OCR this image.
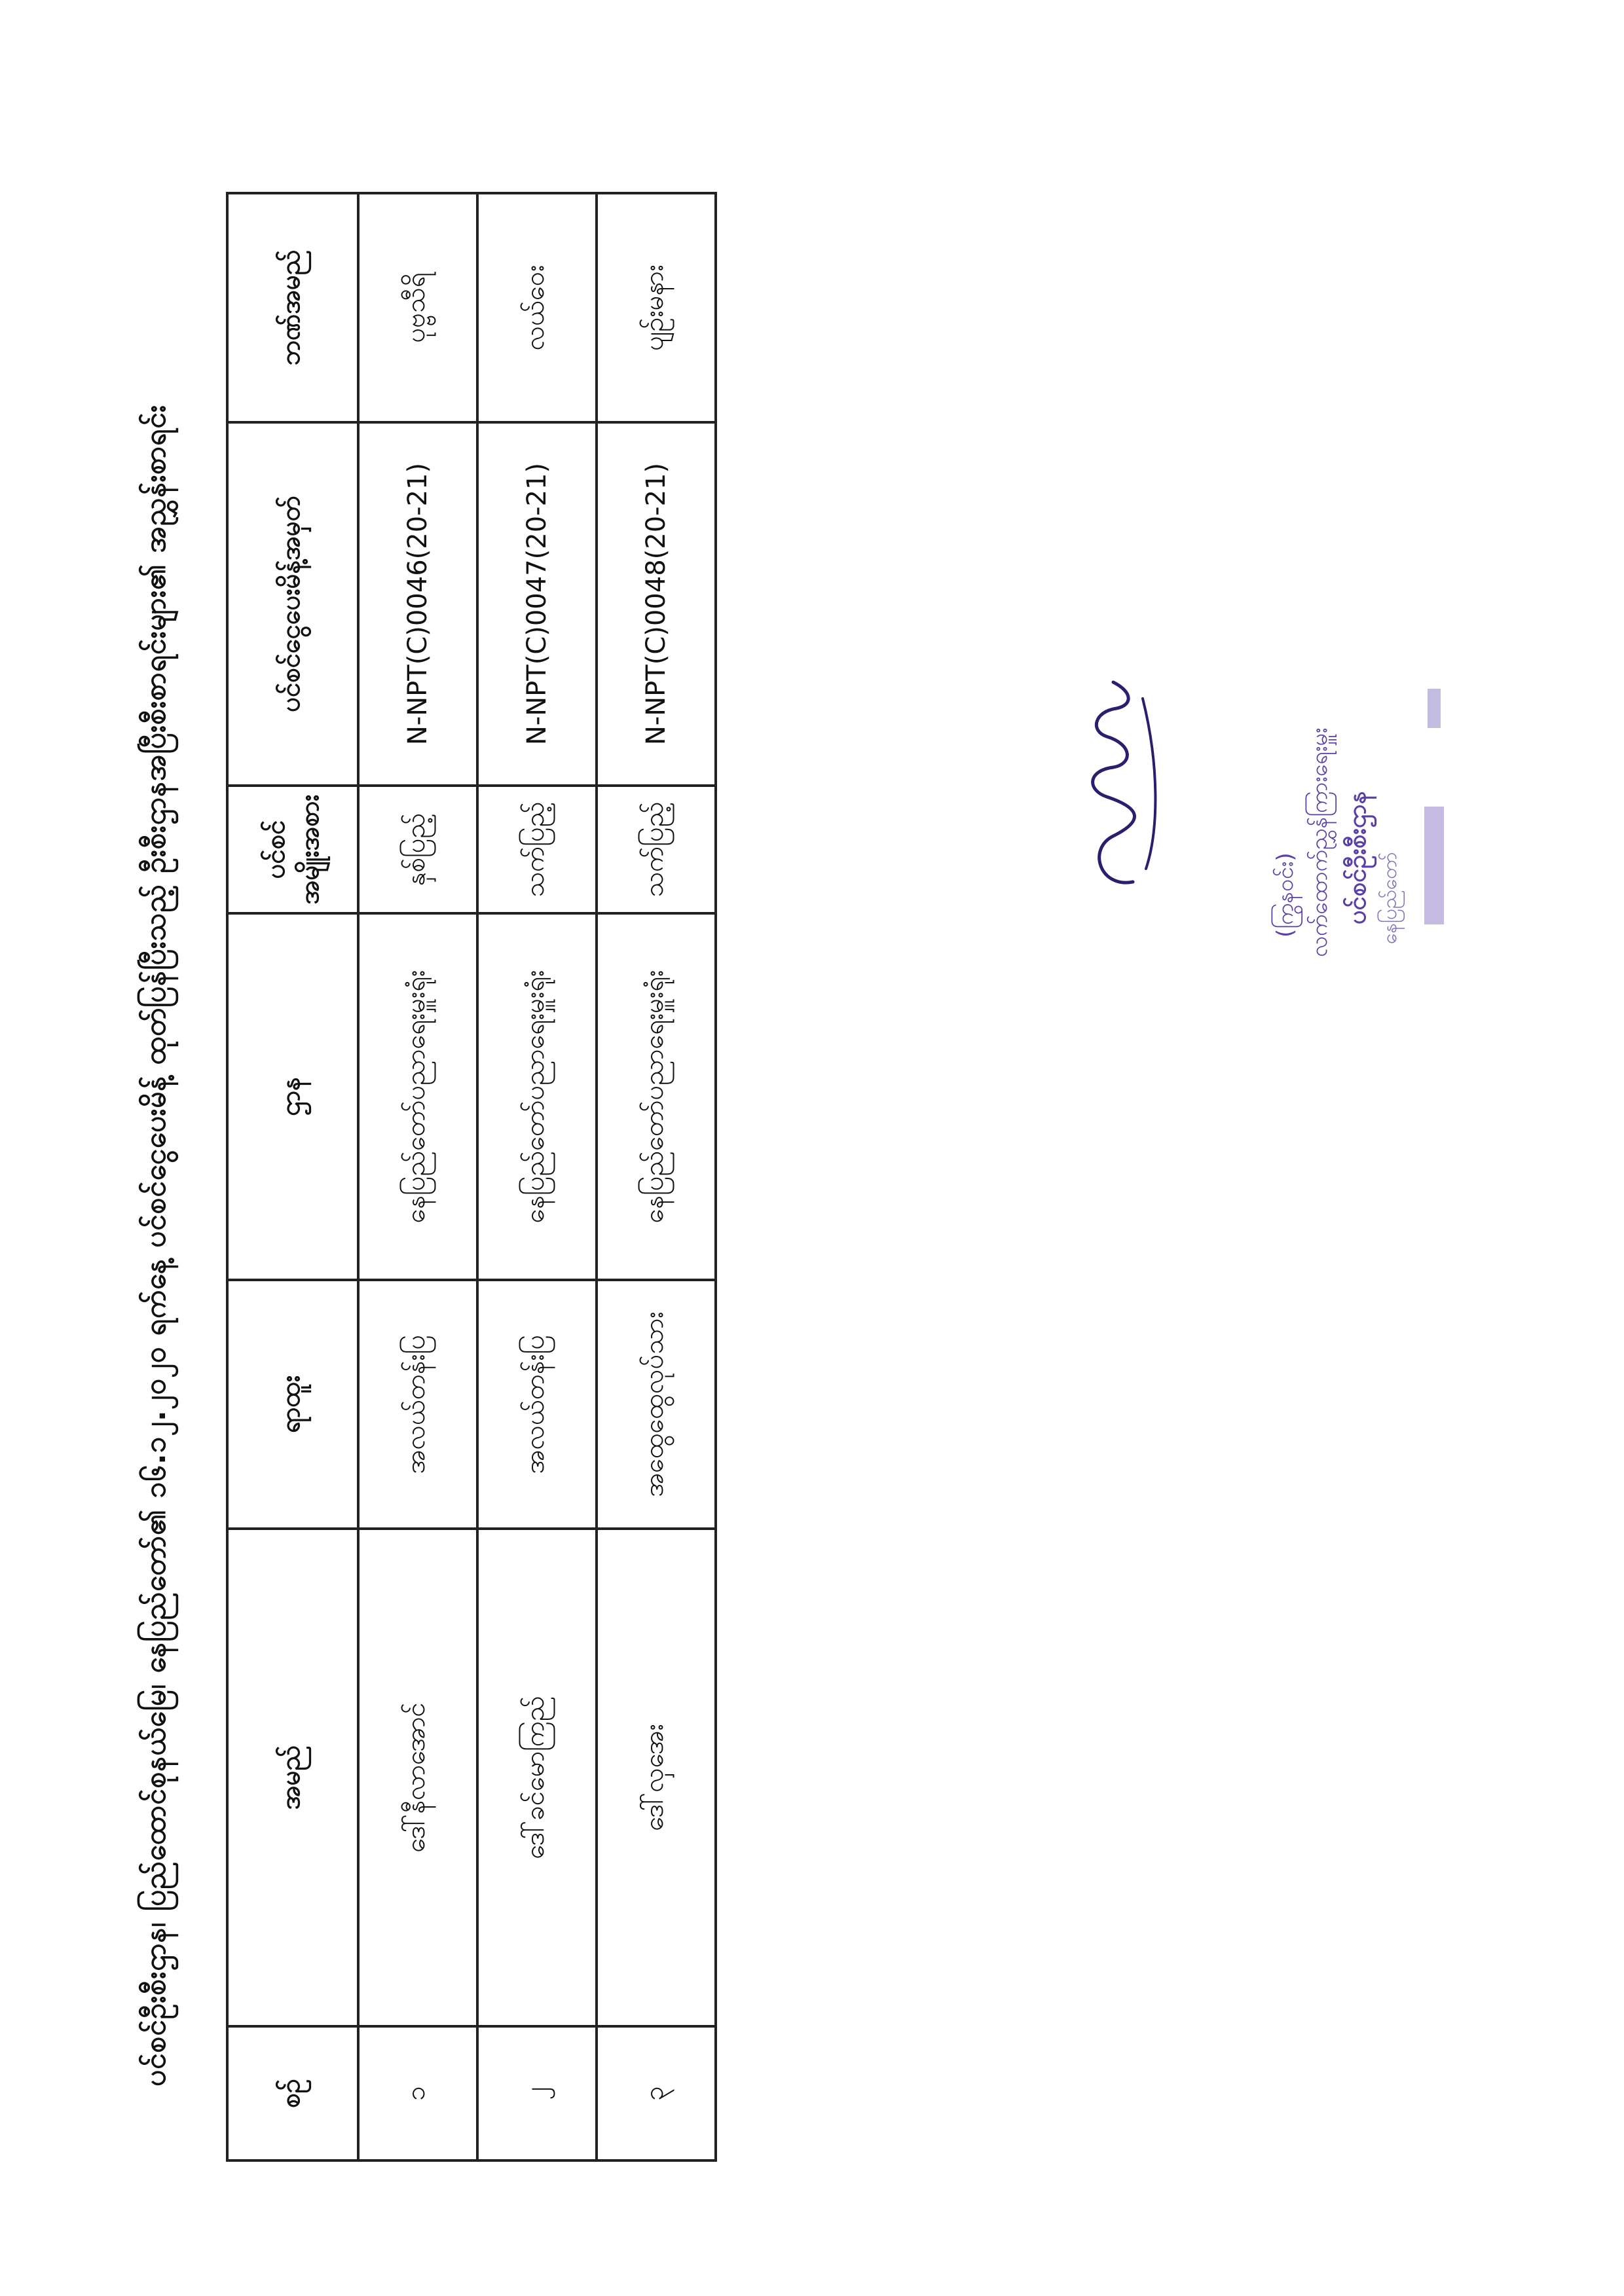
ပင်စင်ဦးစီးဌာန၊ ပြည်ထောင်စုနယ်မြေ၊ နေပြည်တော်၏ ၁၆.၁၂.၂၀၂၀ ရက်နေ့ ပင်စင်ငွေပေးမိန့် ထုတ်ပြန်ပြီးသည့် ဦးစီးဌာနအပြီးစီးစာရင်းများ၏ အညွှန်းစာရင်း
စဉ်	အမည်	ရာထူး	ဌာန	ပင်စင် အမျိုးအစား	ပင်စင်ငွေပေးမိန့်အမှတ်	ဘဏ်အမည်
၁	ဒေါ်နီလာအောင်	အလယ်တန်းပြ	နေပြည်တော်ပညာရေးမှူးရုံး	နှစ်ပြည့်	N-NPT(C)0046(20-21)	ပုဗ္ဗသီရိ
၂	ဒေါ်ခင်မောကြည်	အလယ်တန်းပြ	နေပြည်တော်ပညာရေးမှူးရုံး	သက်ပြည့်	N-NPT(C)0047(20-21)	လယ်ဝေး
၃	ဒေါ်လှအေး	အထွေထွေလုပ်သား	နေပြည်တော်ပညာရေးမှူးရုံး	သက်ပြည့်	N-NPT(C)0048(20-21)	ပျဉ်းမနား
(ကြွနဝင်း) လက်ထောက်ညွှန်ကြားရေးမှူး ပင်စင်ဦးစီးဌာန နေပြည်တော်
